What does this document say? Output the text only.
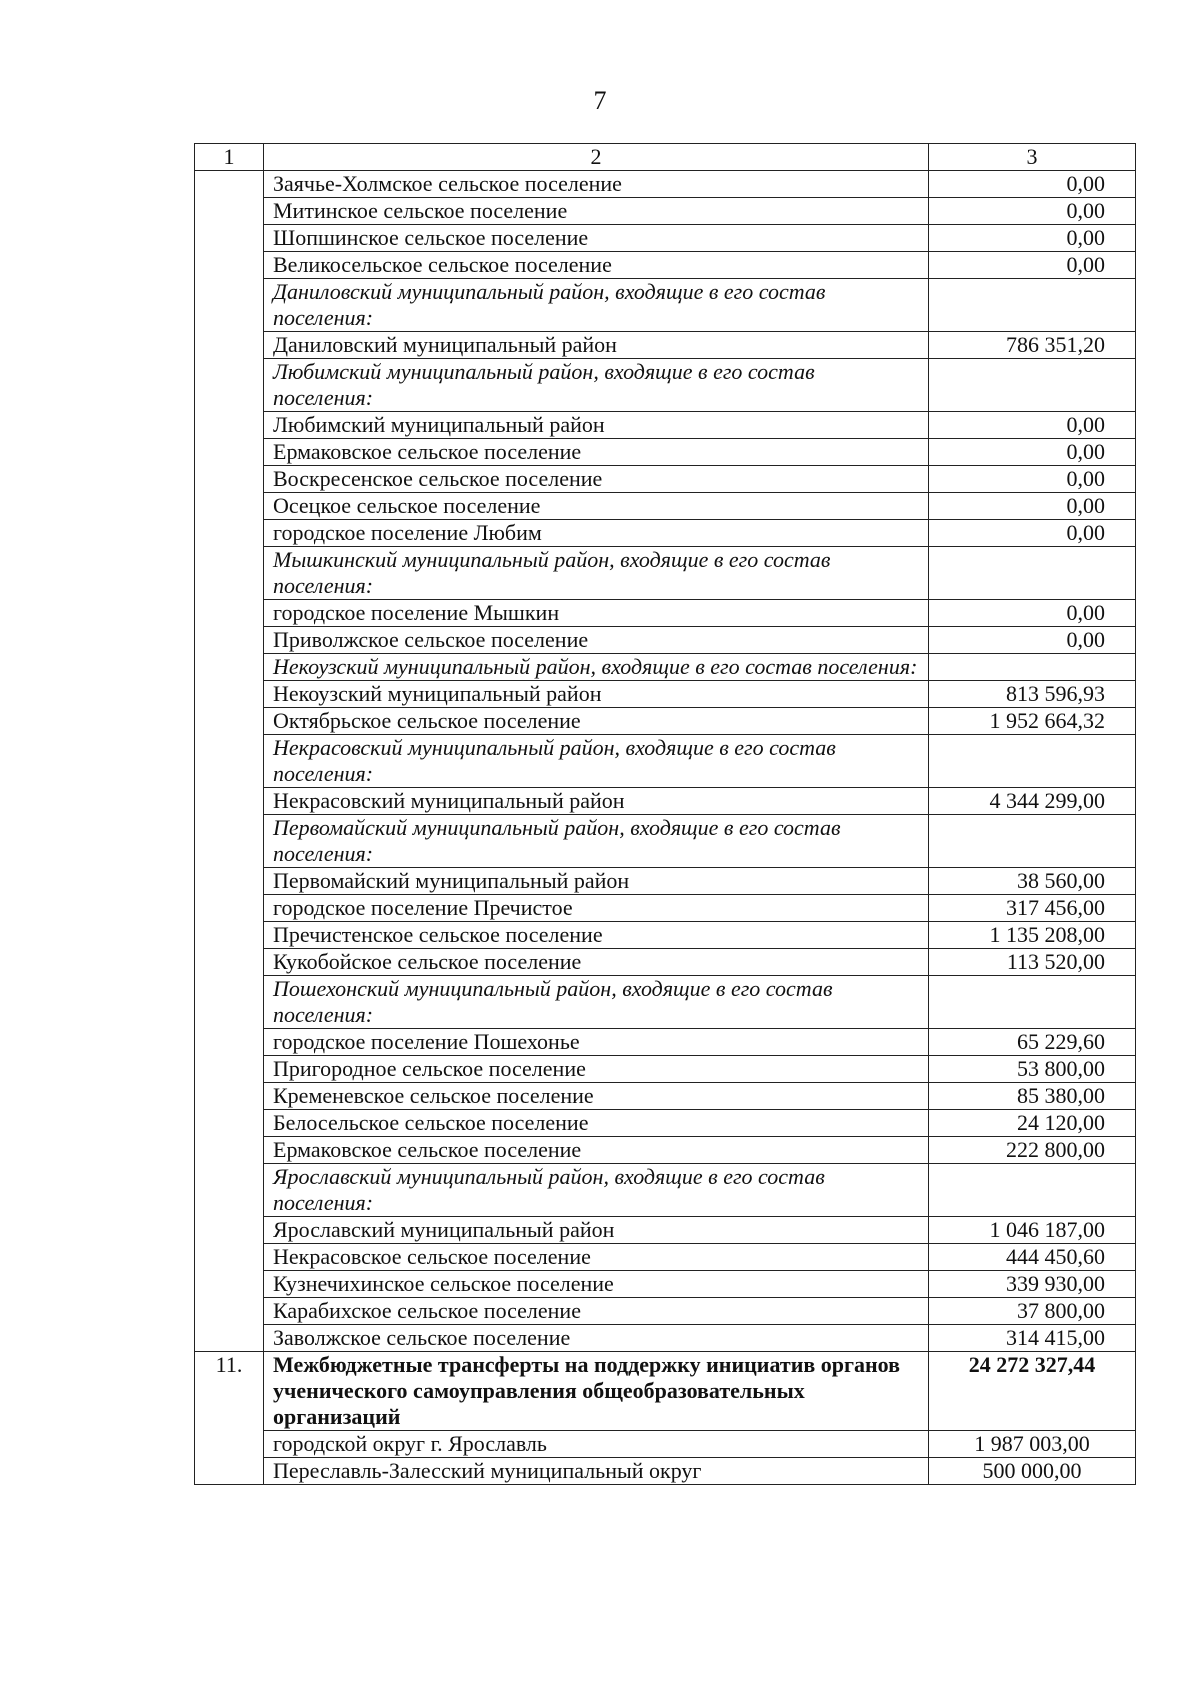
7
1	2	3
	Заячье-Холмское сельское поселение	0,00
	Митинское сельское поселение	0,00
	Шопшинское сельское поселение	0,00
	Великосельское сельское поселение	0,00
	Даниловский муниципальный район, входящие в его состав поселения:	
	Даниловский муниципальный район	786 351,20
	Любимский муниципальный район, входящие в его состав поселения:	
	Любимский муниципальный район	0,00
	Ермаковское сельское поселение	0,00
	Воскресенское сельское поселение	0,00
	Осецкое сельское поселение	0,00
	городское поселение Любим	0,00
	Мышкинский муниципальный район, входящие в его состав поселения:	
	городское поселение Мышкин	0,00
	Приволжское сельское поселение	0,00
	Некоузский муниципальный район, входящие в его состав поселения:	
	Некоузский муниципальный район	813 596,93
	Октябрьское сельское поселение	1 952 664,32
	Некрасовский муниципальный район, входящие в его состав поселения:	
	Некрасовский муниципальный район	4 344 299,00
	Первомайский муниципальный район, входящие в его состав поселения:	
	Первомайский муниципальный район	38 560,00
	городское поселение Пречистое	317 456,00
	Пречистенское сельское поселение	1 135 208,00
	Кукобойское сельское поселение	113 520,00
	Пошехонский муниципальный район, входящие в его состав поселения:	
	городское поселение Пошехонье	65 229,60
	Пригородное сельское поселение	53 800,00
	Кременевское сельское поселение	85 380,00
	Белосельское сельское поселение	24 120,00
	Ермаковское сельское поселение	222 800,00
	Ярославский муниципальный район, входящие в его состав поселения:	
	Ярославский муниципальный район	1 046 187,00
	Некрасовское сельское поселение	444 450,60
	Кузнечихинское сельское поселение	339 930,00
	Карабихское сельское поселение	37 800,00
	Заволжское сельское поселение	314 415,00
11.	Межбюджетные трансферты на поддержку инициатив органов ученического самоуправления общеобразовательных организаций	24 272 327,44
	городской округ г. Ярославль	1 987 003,00
	Переславль-Залесский муниципальный округ	500 000,00
